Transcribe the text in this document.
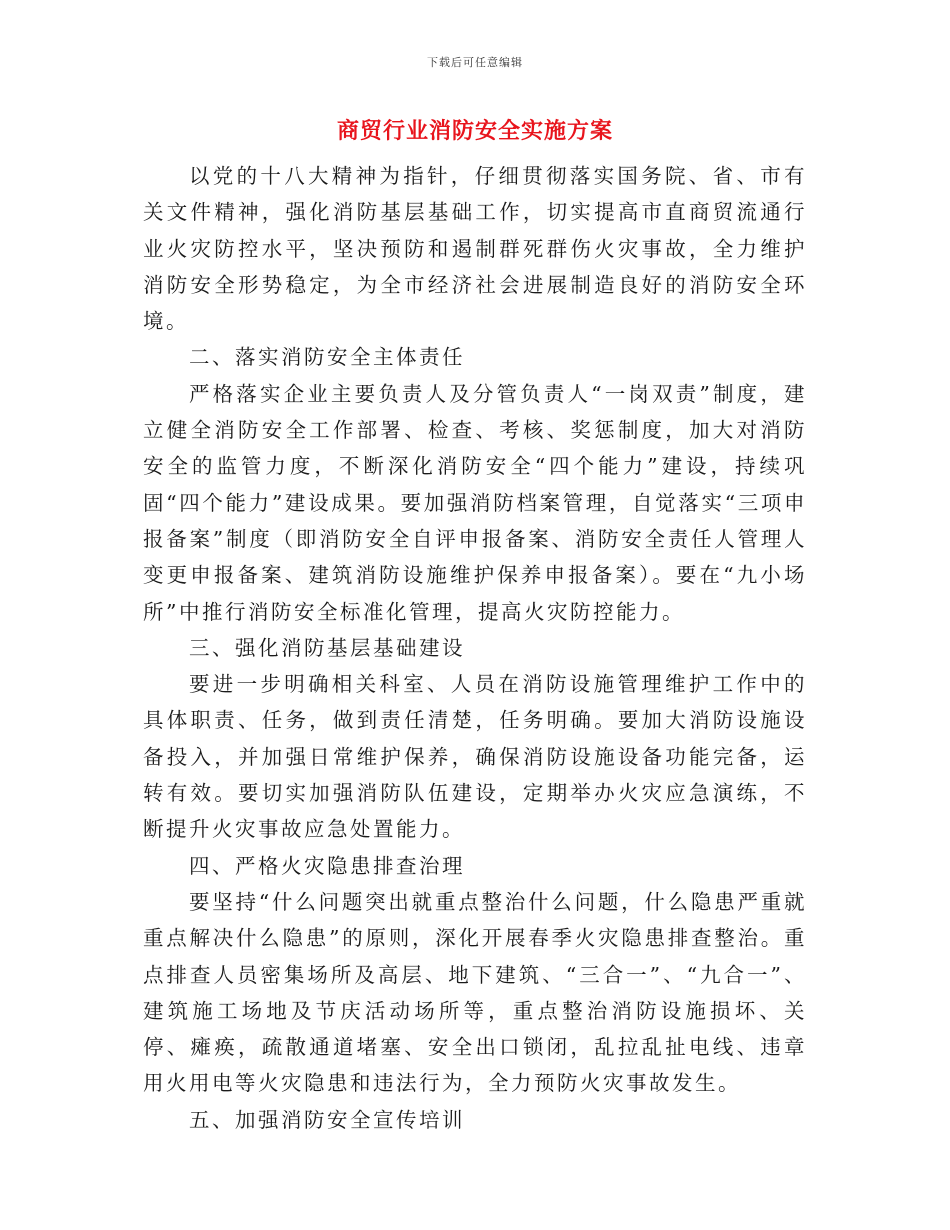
下载后可任意编辑
商贸行业消防安全实施方案

以党的十八大精神为指针，仔细贯彻落实国务院、省、市有关文件精神，强化消防基层基础工作，切实提高市直商贸流通行业火灾防控水平，坚决预防和遏制群死群伤火灾事故，全力维护消防安全形势稳定，为全市经济社会进展制造良好的消防安全环境。

二、落实消防安全主体责任

严格落实企业主要负责人及分管负责人“一岗双责”制度，建立健全消防安全工作部署、检查、考核、奖惩制度，加大对消防安全的监管力度，不断深化消防安全“四个能力”建设，持续巩固“四个能力”建设成果。要加强消防档案管理，自觉落实“三项申报备案”制度（即消防安全自评申报备案、消防安全责任人管理人变更申报备案、建筑消防设施维护保养申报备案）。要在“九小场所”中推行消防安全标准化管理，提高火灾防控能力。

三、强化消防基层基础建设

要进一步明确相关科室、人员在消防设施管理维护工作中的具体职责、任务，做到责任清楚，任务明确。要加大消防设施设备投入，并加强日常维护保养，确保消防设施设备功能完备，运转有效。要切实加强消防队伍建设，定期举办火灾应急演练，不断提升火灾事故应急处置能力。

四、严格火灾隐患排查治理

要坚持“什么问题突出就重点整治什么问题，什么隐患严重就重点解决什么隐患”的原则，深化开展春季火灾隐患排查整治。重点排查人员密集场所及高层、地下建筑、“三合一”、“九合一”、建筑施工场地及节庆活动场所等，重点整治消防设施损坏、关停、瘫痪，疏散通道堵塞、安全出口锁闭，乱拉乱扯电线、违章用火用电等火灾隐患和违法行为，全力预防火灾事故发生。

五、加强消防安全宣传培训
